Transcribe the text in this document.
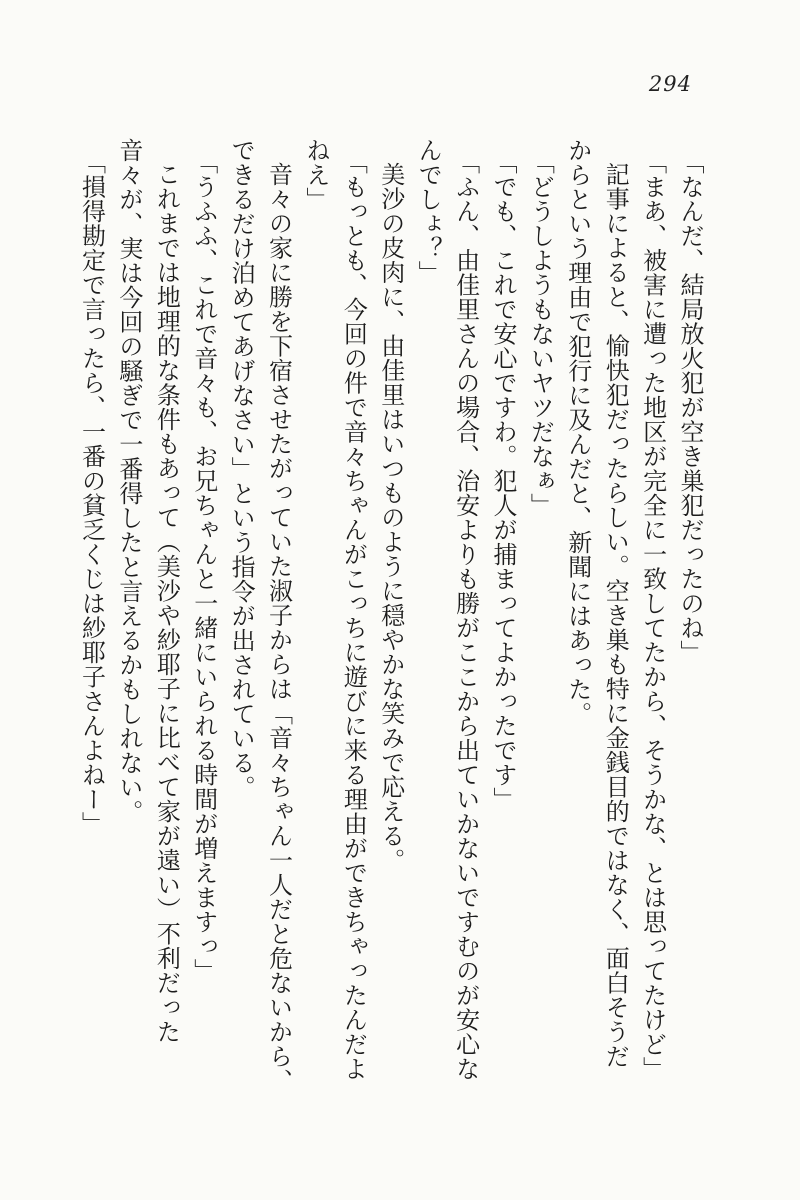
294
「なんだ、結局放火犯が空き巣犯だったのね」
「まあ、被害に遭った地区が完全に一致してたから、そうかな、とは思ってたけど」
記事によると、愉快犯だったらしい。空き巣も特に金銭目的ではなく、面白そうだ
からという理由で犯行に及んだと、新聞にはあった。
「どうしようもないヤツだなぁ」
「でも、これで安心ですわ。犯人が捕まってよかったです」
「ふん、由佳里さんの場合、治安よりも勝がここから出ていかないですむのが安心な
んでしょ？」
美沙の皮肉に、由佳里はいつものように穏やかな笑みで応える。
「もっとも、今回の件で音々ちゃんがこっちに遊びに来る理由ができちゃったんだよ
ねえ」
音々の家に勝を下宿させたがっていた淑子からは「音々ちゃん一人だと危ないから、
できるだけ泊めてあげなさい」という指令が出されている。
「うふふ、これで音々も、お兄ちゃんと一緒にいられる時間が増えますっ」
これまでは地理的な条件もあって（美沙や紗耶子に比べて家が遠い）不利だった
音々が、実は今回の騒ぎで一番得したと言えるかもしれない。
「損得勘定で言ったら、一番の貧乏くじは紗耶子さんよねー」
